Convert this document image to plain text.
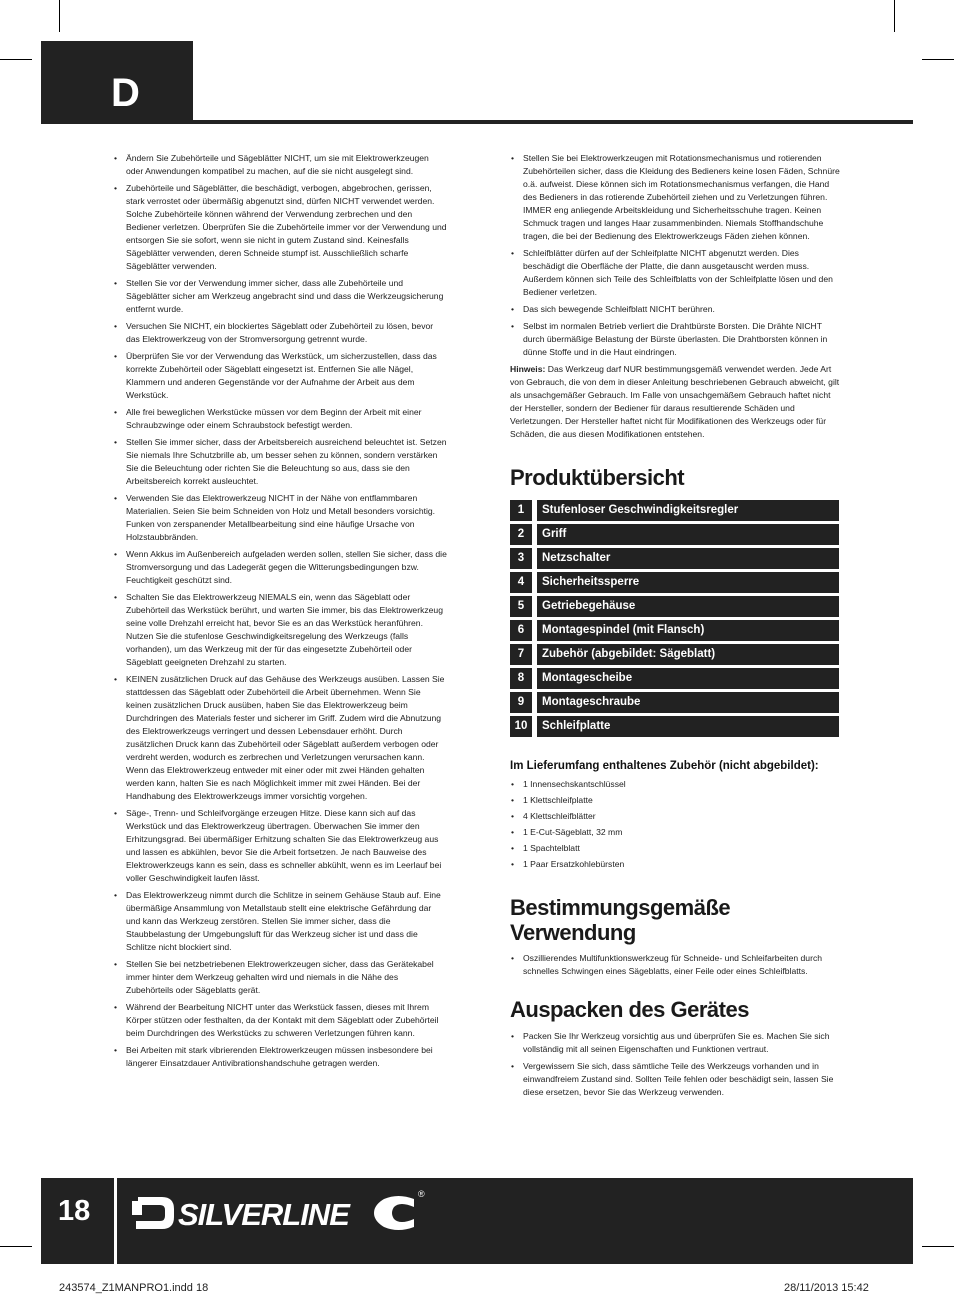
D
• Ändern Sie Zubehörteile und Sägeblätter NICHT, um sie mit Elektrowerkzeugen oder Anwendungen kompatibel zu machen, auf die sie nicht ausgelegt sind.
• Zubehörteile und Sägeblätter, die beschädigt, verbogen, abgebrochen, gerissen, stark verrostet oder übermäßig abgenutzt sind, dürfen NICHT verwendet werden. Solche Zubehörteile können während der Verwendung zerbrechen und den Bediener verletzen. Überprüfen Sie die Zubehörteile immer vor der Verwendung und entsorgen Sie sie sofort, wenn sie nicht in gutem Zustand sind. Keinesfalls Sägeblätter verwenden, deren Schneide stumpf ist. Ausschließlich scharfe Sägeblätter verwenden.
• Stellen Sie vor der Verwendung immer sicher, dass alle Zubehörteile und Sägeblätter sicher am Werkzeug angebracht sind und dass die Werkzeugsicherung entfernt wurde.
• Versuchen Sie NICHT, ein blockiertes Sägeblatt oder Zubehörteil zu lösen, bevor das Elektrowerkzeug von der Stromversorgung getrennt wurde.
• Überprüfen Sie vor der Verwendung das Werkstück, um sicherzustellen, dass das korrekte Zubehörteil oder Sägeblatt eingesetzt ist. Entfernen Sie alle Nägel, Klammern und anderen Gegenstände vor der Aufnahme der Arbeit aus dem Werkstück.
• Alle frei beweglichen Werkstücke müssen vor dem Beginn der Arbeit mit einer Schraubzwinge oder einem Schraubstock befestigt werden.
• Stellen Sie immer sicher, dass der Arbeitsbereich ausreichend beleuchtet ist. Setzen Sie niemals Ihre Schutzbrille ab, um besser sehen zu können, sondern verstärken Sie die Beleuchtung oder richten Sie die Beleuchtung so aus, dass sie den Arbeitsbereich korrekt ausleuchtet.
• Verwenden Sie das Elektrowerkzeug NICHT in der Nähe von entflammbaren Materialien. Seien Sie beim Schneiden von Holz und Metall besonders vorsichtig. Funken von zerspanender Metallbearbeitung sind eine häufige Ursache von Holzstaubbränden.
• Wenn Akkus im Außenbereich aufgeladen werden sollen, stellen Sie sicher, dass die Stromversorgung und das Ladegerät gegen die Witterungsbedingungen bzw. Feuchtigkeit geschützt sind.
• Schalten Sie das Elektrowerkzeug NIEMALS ein, wenn das Sägeblatt oder Zubehörteil das Werkstück berührt, und warten Sie immer, bis das Elektrowerkzeug seine volle Drehzahl erreicht hat, bevor Sie es an das Werkstück heranführen. Nutzen Sie die stufenlose Geschwindigkeitsregelung des Werkzeugs (falls vorhanden), um das Werkzeug mit der für das eingesetzte Zubehörteil oder Sägeblatt geeigneten Drehzahl zu starten.
• KEINEN zusätzlichen Druck auf das Gehäuse des Werkzeugs ausüben. Lassen Sie stattdessen das Sägeblatt oder Zubehörteil die Arbeit übernehmen. Wenn Sie keinen zusätzlichen Druck ausüben, haben Sie das Elektrowerkzeug beim Durchdringen des Materials fester und sicherer im Griff. Zudem wird die Abnutzung des Elektrowerkzeugs verringert und dessen Lebensdauer erhöht. Durch zusätzlichen Druck kann das Zubehörteil oder Sägeblatt außerdem verbogen oder verdreht werden, wodurch es zerbrechen und Verletzungen verursachen kann. Wenn das Elektrowerkzeug entweder mit einer oder mit zwei Händen gehalten werden kann, halten Sie es nach Möglichkeit immer mit zwei Händen. Bei der Handhabung des Elektrowerkzeugs immer vorsichtig vorgehen.
• Säge-, Trenn- und Schleifvorgänge erzeugen Hitze. Diese kann sich auf das Werkstück und das Elektrowerkzeug übertragen. Überwachen Sie immer den Erhitzungsgrad. Bei übermäßiger Erhitzung schalten Sie das Elektrowerkzeug aus und lassen es abkühlen, bevor Sie die Arbeit fortsetzen. Je nach Bauweise des Elektrowerkzeugs kann es sein, dass es schneller abkühlt, wenn es im Leerlauf bei voller Geschwindigkeit laufen lässt.
• Das Elektrowerkzeug nimmt durch die Schlitze in seinem Gehäuse Staub auf. Eine übermäßige Ansammlung von Metallstaub stellt eine elektrische Gefährdung dar und kann das Werkzeug zerstören. Stellen Sie immer sicher, dass die Staubbelastung der Umgebungsluft für das Werkzeug sicher ist und dass die Schlitze nicht blockiert sind.
• Stellen Sie bei netzbetriebenen Elektrowerkzeugen sicher, dass das Gerätekabel immer hinter dem Werkzeug gehalten wird und niemals in die Nähe des Zubehörteils oder Sägeblatts gerät.
• Während der Bearbeitung NICHT unter das Werkstück fassen, dieses mit Ihrem Körper stützen oder festhalten, da der Kontakt mit dem Sägeblatt oder Zubehörteil beim Durchdringen des Werkstücks zu schweren Verletzungen führen kann.
• Bei Arbeiten mit stark vibrierenden Elektrowerkzeugen müssen insbesondere bei längerer Einsatzdauer Antivibrationshandschuhe getragen werden.
• Stellen Sie bei Elektrowerkzeugen mit Rotationsmechanismus und rotierenden Zubehörteilen sicher, dass die Kleidung des Bedieners keine losen Fäden, Schnüre o.ä. aufweist. Diese können sich im Rotationsmechanismus verfangen, die Hand des Bedieners in das rotierende Zubehörteil ziehen und zu Verletzungen führen. IMMER eng anliegende Arbeitskleidung und Sicherheitsschuhe tragen. Keinen Schmuck tragen und langes Haar zusammenbinden. Niemals Stoffhandschuhe tragen, die bei der Bedienung des Elektrowerkzeugs Fäden ziehen können.
• Schleifblätter dürfen auf der Schleifplatte NICHT abgenutzt werden. Dies beschädigt die Oberfläche der Platte, die dann ausgetauscht werden muss. Außerdem können sich Teile des Schleifblatts von der Schleifplatte lösen und den Bediener verletzen.
• Das sich bewegende Schleifblatt NICHT berühren.
• Selbst im normalen Betrieb verliert die Drahtbürste Borsten. Die Drähte NICHT durch übermäßige Belastung der Bürste überlasten. Die Drahtborsten können in dünne Stoffe und in die Haut eindringen.
Hinweis: Das Werkzeug darf NUR bestimmungsgemäß verwendet werden. Jede Art von Gebrauch, die von dem in dieser Anleitung beschriebenen Gebrauch abweicht, gilt als unsachgemäßer Gebrauch. Im Falle von unsachgemäßem Gebrauch haftet nicht der Hersteller, sondern der Bediener für daraus resultierende Schäden und Verletzungen. Der Hersteller haftet nicht für Modifikationen des Werkzeugs oder für Schäden, die aus diesen Modifikationen entstehen.
Produktübersicht
1		Stufenloser Geschwindigkeitsregler
2		Griff
3		Netzschalter
4		Sicherheitssperre
5		Getriebegehäuse
6		Montagespindel (mit Flansch)
7		Zubehör (abgebildet: Sägeblatt)
8		Montagescheibe
9		Montageschraube
10		Schleifplatte
Im Lieferumfang enthaltenes Zubehör (nicht abgebildet):
• 1 Innensechskantschlüssel
• 1 Klettschleifplatte
• 4 Klettschleifblätter
• 1 E-Cut-Sägeblatt, 32 mm
• 1 Spachtelblatt
• 1 Paar Ersatzkohlebürsten
Bestimmungsgemäße
Verwendung
• Oszillierendes Multifunktionswerkzeug für Schneide- und Schleifarbeiten durch schnelles Schwingen eines Sägeblatts, einer Feile oder eines Schleifblatts.
Auspacken des Gerätes
• Packen Sie Ihr Werkzeug vorsichtig aus und überprüfen Sie es. Machen Sie sich vollständig mit all seinen Eigenschaften und Funktionen vertraut.
• Vergewissern Sie sich, dass sämtliche Teile des Werkzeugs vorhanden und in einwandfreiem Zustand sind. Sollten Teile fehlen oder beschädigt sein, lassen Sie diese ersetzen, bevor Sie das Werkzeug verwenden.
18	SILVERLINE
®
243574_Z1MANPRO1.indd 18	28/11/2013 15:42
